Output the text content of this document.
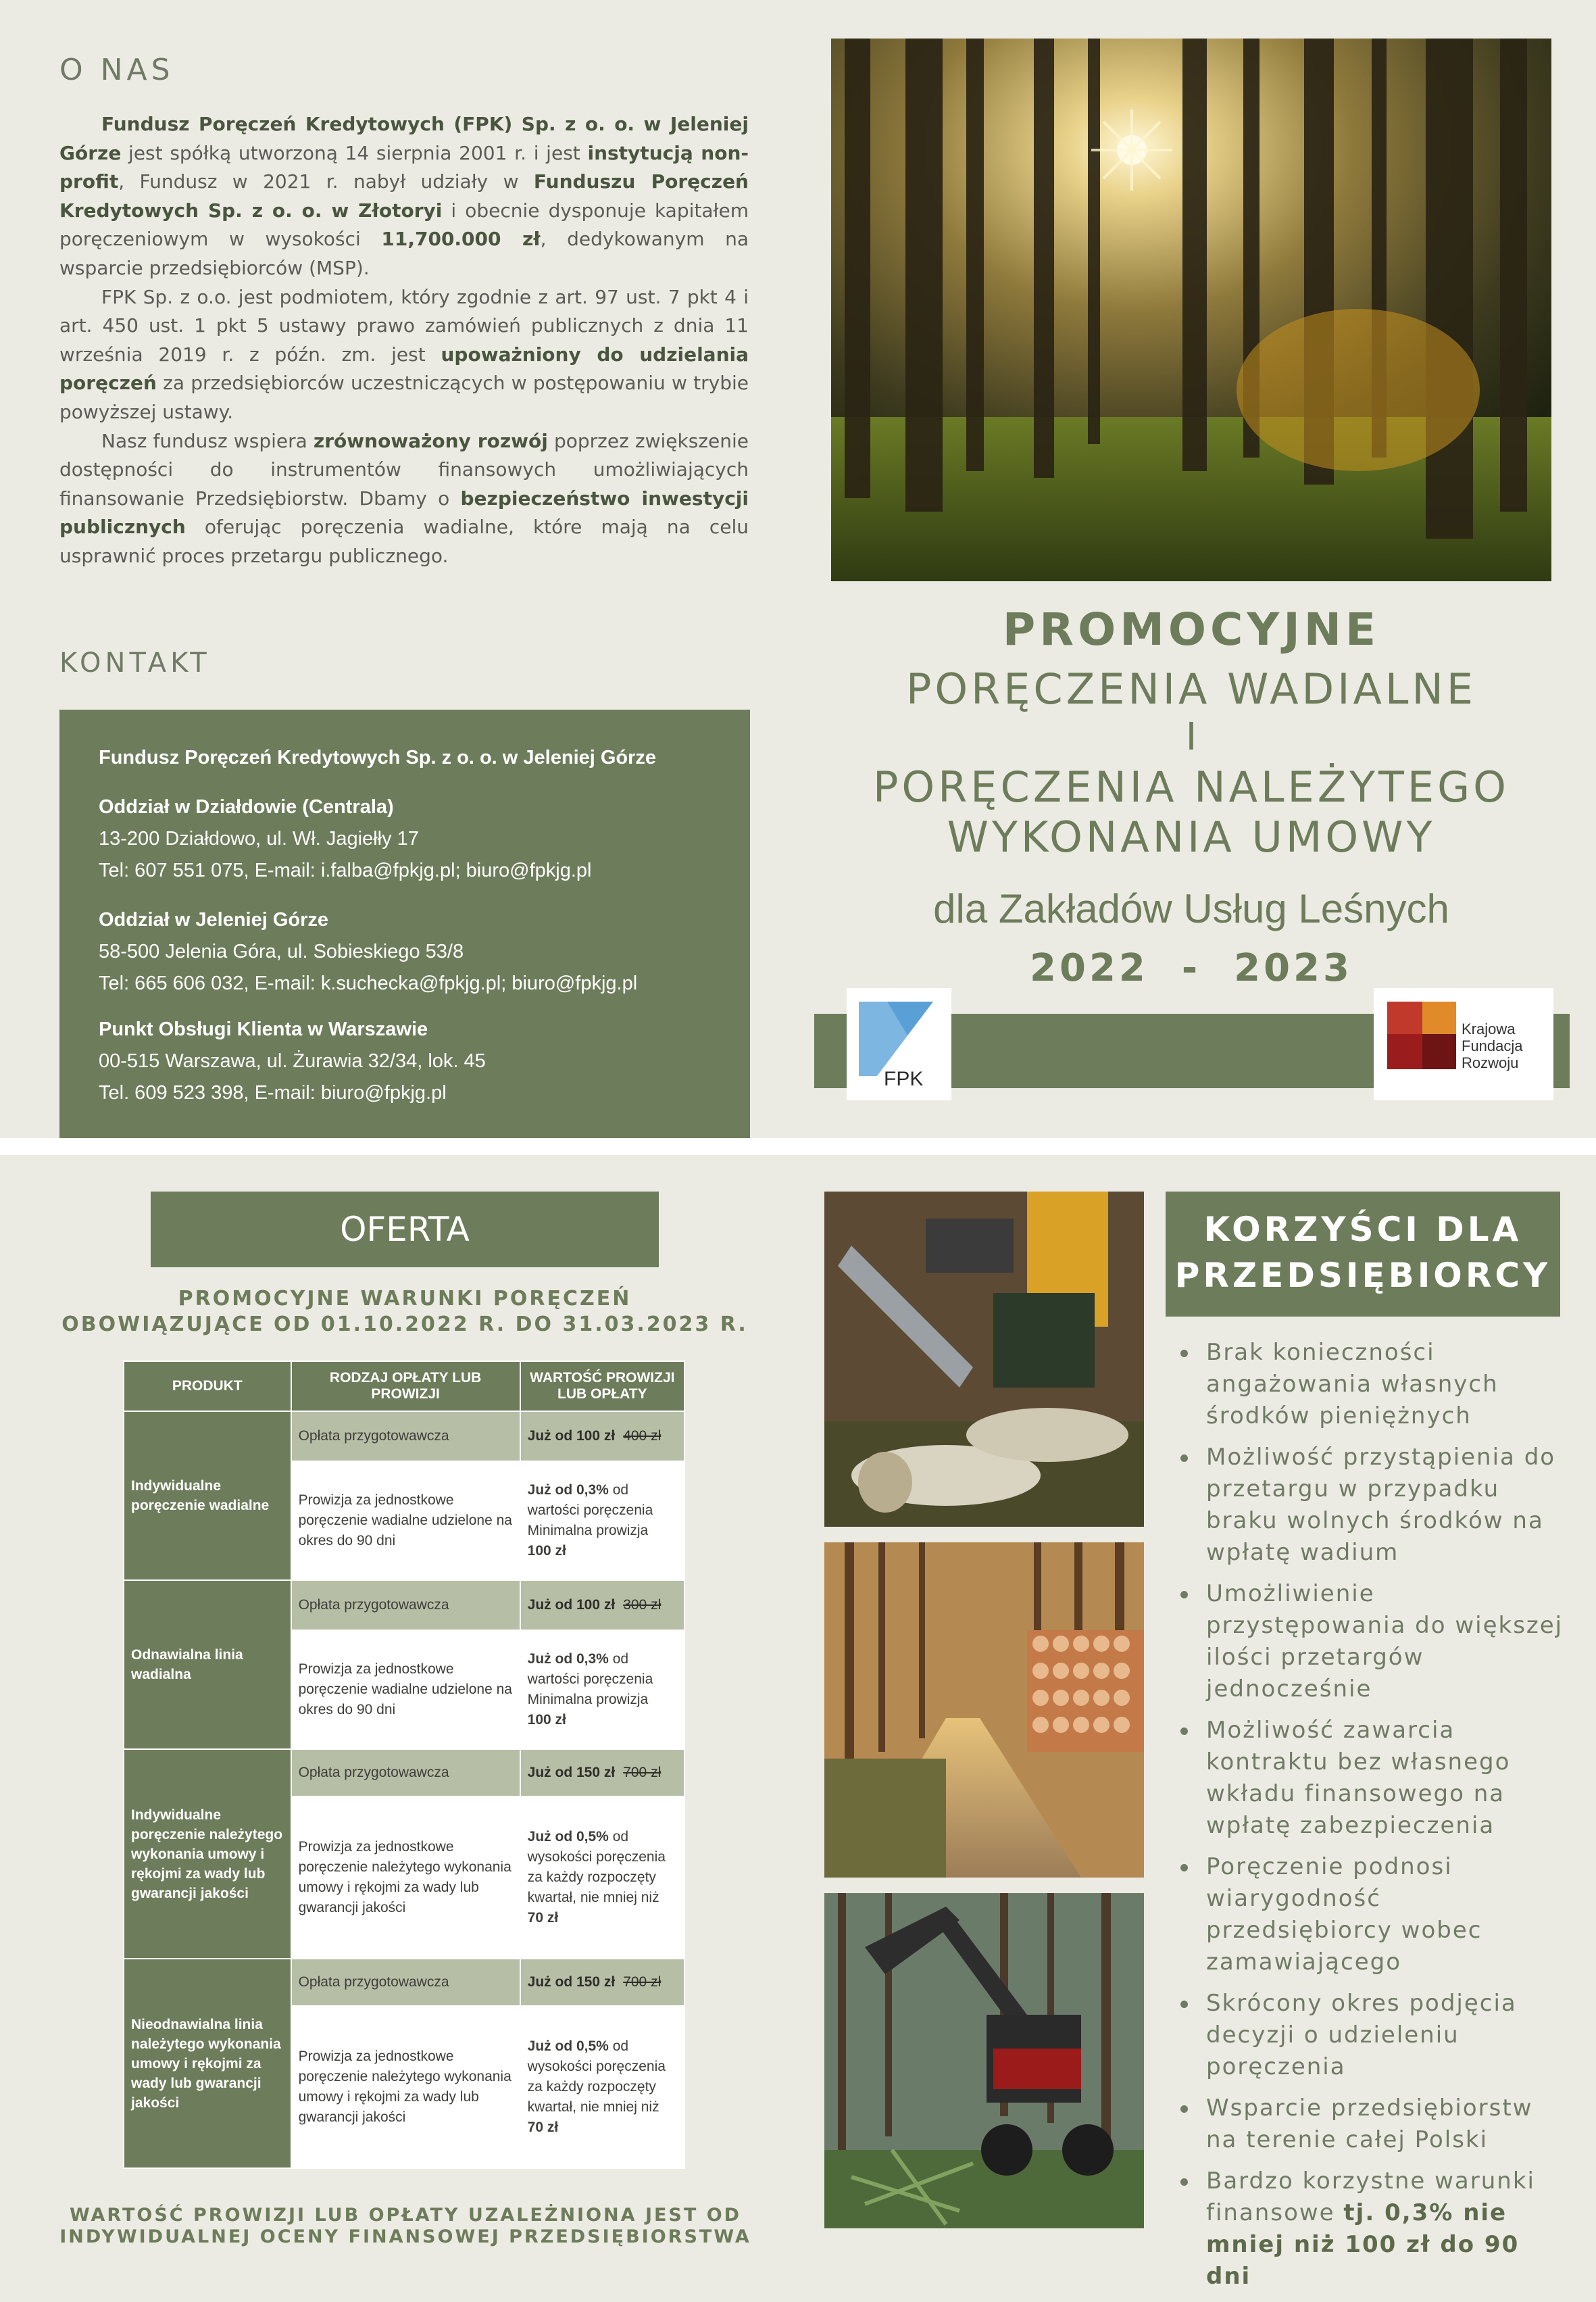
O NAS

Fundusz Poręczeń Kredytowych (FPK) Sp. z o. o. w Jeleniej Górze jest spółką utworzoną 14 sierpnia 2001 r. i jest instytucją non-profit, Fundusz w 2021 r. nabył udziały w Funduszu Poręczeń Kredytowych Sp. z o. o. w Złotoryi i obecnie dysponuje kapitałem poręczeniowym w wysokości 11,700.000 zł, dedykowanym na wsparcie przedsiębiorców (MSP).

FPK Sp. z o.o. jest podmiotem, który zgodnie z art. 97 ust. 7 pkt 4 i art. 450 ust. 1 pkt 5 ustawy prawo zamówień publicznych z dnia 11 września 2019 r. z późn. zm. jest upoważniony do udzielania poręczeń za przedsiębiorców uczestniczących w postępowaniu w trybie powyższej ustawy.

Nasz fundusz wspiera zrównoważony rozwój poprzez zwiększenie dostępności do instrumentów finansowych umożliwiających finansowanie Przedsiębiorstw. Dbamy o bezpieczeństwo inwestycji publicznych oferując poręczenia wadialne, które mają na celu usprawnić proces przetargu publicznego.

KONTAKT
Fundusz Poręczeń Kredytowych Sp. z o. o. w Jeleniej Górze
Oddział w Działdowie (Centrala)
13-200 Działdowo, ul. Wł. Jagiełły 17
Tel: 607 551 075, E-mail: i.falba@fpkjg.pl; biuro@fpkjg.pl
Oddział w Jeleniej Górze
58-500 Jelenia Góra, ul. Sobieskiego 53/8
Tel: 665 606 032, E-mail: k.suchecka@fpkjg.pl; biuro@fpkjg.pl
Punkt Obsługi Klienta w Warszawie
00-515 Warszawa, ul. Żurawia 32/34, lok. 45
Tel. 609 523 398, E-mail: biuro@fpkjg.pl
PROMOCYJNE
PORĘCZENIA WADIALNE
I
PORĘCZENIA NALEŻYTEGO
WYKONANIA UMOWY
dla Zakładów Usług Leśnych
2022  -  2023
FPK
Krajowa
Fundacja
Rozwoju
OFERTA
PROMOCYJNE WARUNKI PORĘCZEŃ
OBOWIĄZUJĄCE OD 01.10.2022 R. DO 31.03.2023 R.
PRODUKT	RODZAJ OPŁATY LUB PROWIZJI	WARTOŚĆ PROWIZJI LUB OPŁATY
Indywidualne poręczenie wadialne	Opłata przygotowawcza	Już od 100 zł 400 zł
	Prowizja za jednostkowe poręczenie wadialne udzielone na okres do 90 dni	Już od 0,3% od wartości poręczenia Minimalna prowizja
100 zł
Odnawialna linia wadialna	Opłata przygotowawcza	Już od 100 zł 300 zł
	Prowizja za jednostkowe poręczenie wadialne udzielone na okres do 90 dni	Już od 0,3% od wartości poręczenia Minimalna prowizja
100 zł
Indywidualne poręczenie należytego wykonania umowy i rękojmi za wady lub gwarancji jakości	Opłata przygotowawcza	Już od 150 zł 700 zł
	Prowizja za jednostkowe poręczenie należytego wykonania umowy i rękojmi za wady lub gwarancji jakości	Już od 0,5% od wysokości poręczenia za każdy rozpoczęty kwartał, nie mniej niż
70 zł
Nieodnawialna linia należytego wykonania umowy i rękojmi za wady lub gwarancji jakości	Opłata przygotowawcza	Już od 150 zł 700 zł
	Prowizja za jednostkowe poręczenie należytego wykonania umowy i rękojmi za wady lub gwarancji jakości	Już od 0,5% od wysokości poręczenia za każdy rozpoczęty kwartał, nie mniej niż
70 zł
WARTOŚĆ PROWIZJI LUB OPŁATY UZALEŻNIONA JEST OD
INDYWIDUALNEJ OCENY FINANSOWEJ PRZEDSIĘBIORSTWA
KORZYŚCI DLA
PRZEDSIĘBIORCY
Brak konieczności angażowania własnych środków pieniężnych
Możliwość przystąpienia do przetargu w przypadku braku wolnych środków na wpłatę wadium
Umożliwienie przystępowania do większej ilości przetargów jednocześnie
Możliwość zawarcia kontraktu bez własnego wkładu finansowego na wpłatę zabezpieczenia
Poręczenie podnosi wiarygodność przedsiębiorcy wobec zamawiającego
Skrócony okres podjęcia decyzji o udzieleniu poręczenia
Wsparcie przedsiębiorstw na terenie całej Polski
Bardzo korzystne warunki finansowe tj. 0,3% nie mniej niż 100 zł do 90 dni
